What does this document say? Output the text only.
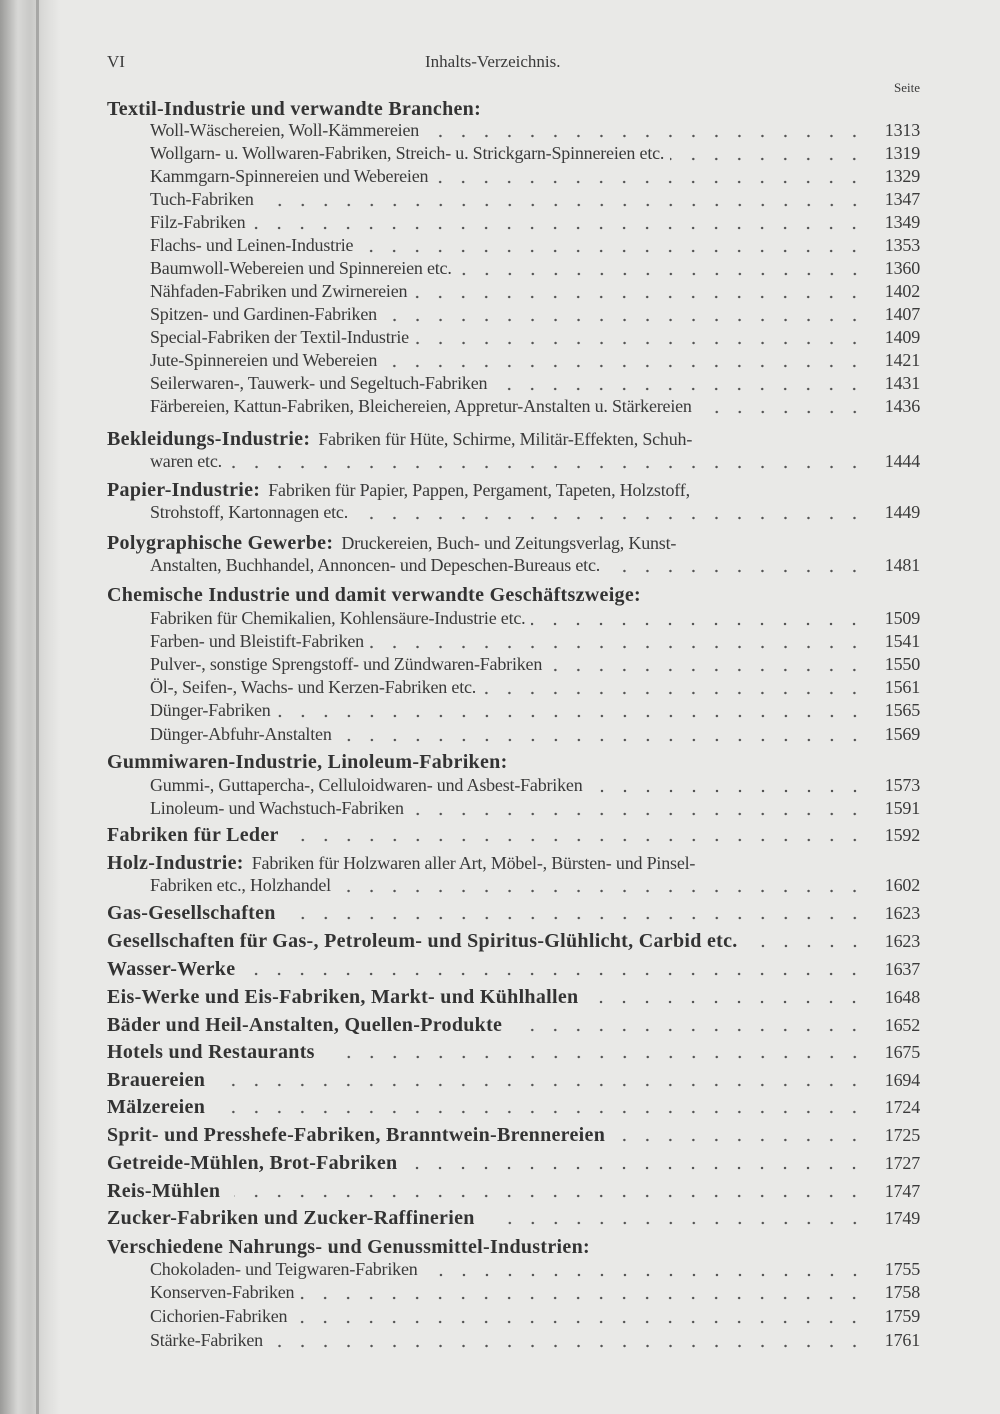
VI	Inhalts-Verzeichnis.
Seite
Textil-Industrie und verwandte Branchen:
Woll-Wäschereien, Woll-Kämmereien	1313
Wollgarn- u. Wollwaren-Fabriken, Streich- u. Strickgarn-Spinnereien etc.	1319
Kammgarn-Spinnereien und Webereien	1329
Tuch-Fabriken	1347
Filz-Fabriken	1349
Flachs- und Leinen-Industrie	1353
Baumwoll-Webereien und Spinnereien etc.	1360
Nähfaden-Fabriken und Zwirnereien	1402
Spitzen- und Gardinen-Fabriken	1407
Special-Fabriken der Textil-Industrie	1409
Jute-Spinnereien und Webereien	1421
Seilerwaren-, Tauwerk- und Segeltuch-Fabriken	1431
Färbereien, Kattun-Fabriken, Bleichereien, Appretur-Anstalten u. Stärkereien	1436
Bekleidungs-Industrie: Fabriken für Hüte, Schirme, Militär-Effekten, Schuh-
waren etc.	1444
Papier-Industrie: Fabriken für Papier, Pappen, Pergament, Tapeten, Holzstoff,
Strohstoff, Kartonnagen etc.	1449
Polygraphische Gewerbe: Druckereien, Buch- und Zeitungsverlag, Kunst-
Anstalten, Buchhandel, Annoncen- und Depeschen-Bureaus etc.	1481
Chemische Industrie und damit verwandte Geschäftszweige:
Fabriken für Chemikalien, Kohlensäure-Industrie etc.	1509
Farben- und Bleistift-Fabriken	1541
Pulver-, sonstige Sprengstoff- und Zündwaren-Fabriken	1550
Öl-, Seifen-, Wachs- und Kerzen-Fabriken etc.	1561
Dünger-Fabriken	1565
Dünger-Abfuhr-Anstalten	1569
Gummiwaren-Industrie, Linoleum-Fabriken:
Gummi-, Guttapercha-, Celluloidwaren- und Asbest-Fabriken	1573
Linoleum- und Wachstuch-Fabriken	1591
Fabriken für Leder	1592
Holz-Industrie: Fabriken für Holzwaren aller Art, Möbel-, Bürsten- und Pinsel-
Fabriken etc., Holzhandel	1602
Gas-Gesellschaften	1623
Gesellschaften für Gas-, Petroleum- und Spiritus-Glühlicht, Carbid etc.	1623
Wasser-Werke	1637
Eis-Werke und Eis-Fabriken, Markt- und Kühlhallen	1648
Bäder und Heil-Anstalten, Quellen-Produkte	1652
Hotels und Restaurants	1675
Brauereien	1694
Mälzereien	1724
Sprit- und Presshefe-Fabriken, Branntwein-Brennereien	1725
Getreide-Mühlen, Brot-Fabriken	1727
Reis-Mühlen	1747
Zucker-Fabriken und Zucker-Raffinerien	1749
Verschiedene Nahrungs- und Genussmittel-Industrien:
Chokoladen- und Teigwaren-Fabriken	1755
Konserven-Fabriken	1758
Cichorien-Fabriken	1759
Stärke-Fabriken	1761
